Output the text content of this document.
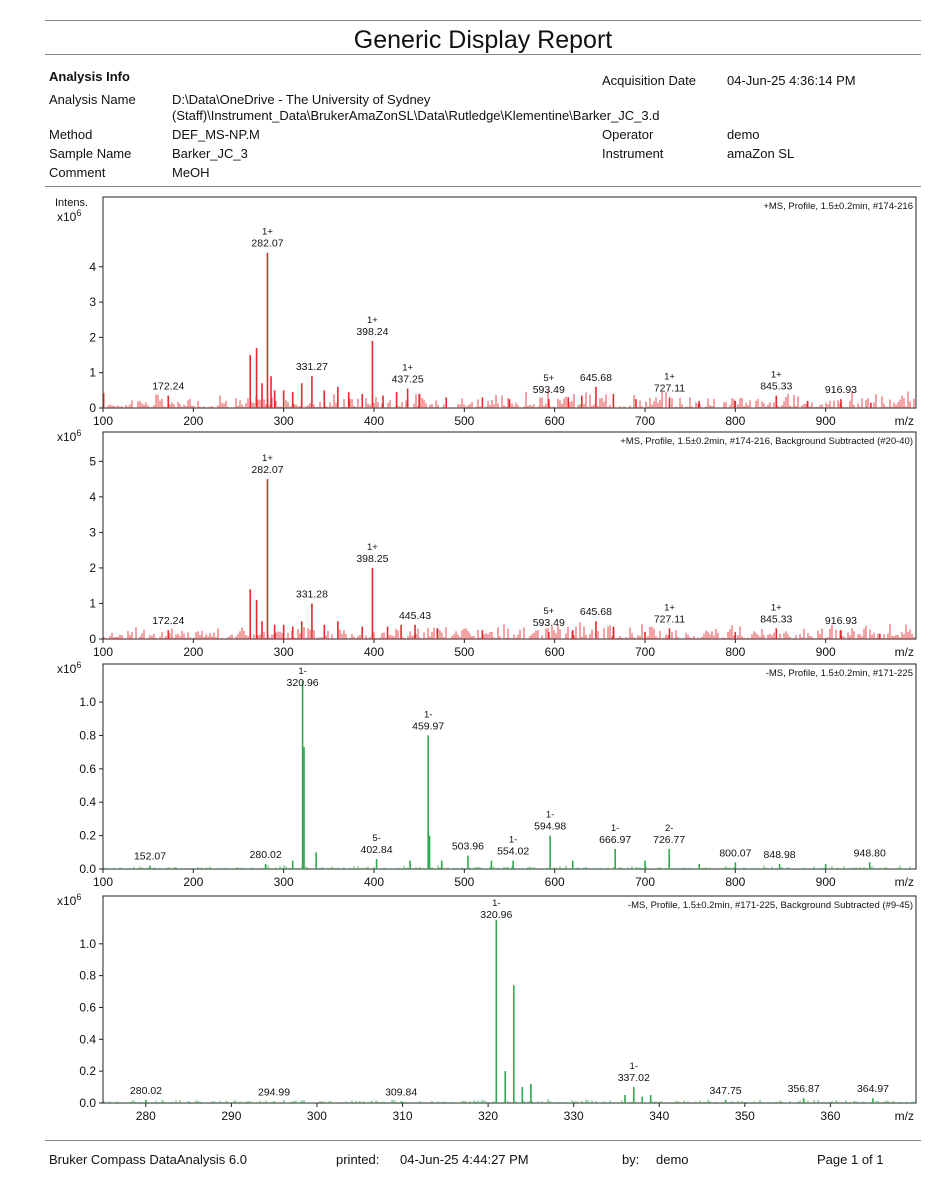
Generic Display Report
Analysis Info
Analysis Name	D:\Data\OneDrive - The University of Sydney
(Staff)\Instrument_Data\BrukerAmaZonSL\Data\Rutledge\Klementine\Barker_JC_3.d
Method	DEF_MS-NP.M
Sample Name	Barker_JC_3
Comment	MeOH
Acquisition Date 04-Jun-25 4:36:14 PM
Operator	demo
Instrument	amaZon SL
100	200	300	400	500	600	700	800	900
0
1
2
3
4
Intens.
$x10^6$
m/z
+MS, Profile, 1.5±0.2min, #174-216
172.24
282.07
1+
331.27
398.24
1+
437.25
1+
593.49
5+ 645.68
727.11
1+
845.33
1+
916.93
100	200	300	400	500	600	700	800	900
0
1
2
3
4
5
$x10^6$
m/z
+MS, Profile, 1.5±0.2min, #174-216, Background Subtracted (#20-40)
172.24
282.07
1+
331.28
398.25
1+
445.43
593.49
5+ 645.68
727.11
1+
845.33
1+
916.93
100	200	300	400	500	600	700	800	900
0.0
0.2
0.4
0.6
0.8
1.0
$x10^6$
m/z
-MS, Profile, 1.5±0.2min, #171-225
152.07	280.02
320.96
1-
402.84
5-
459.97
1-
503.96 554.02
1-
594.98
1-
666.97
1-
726.77
2-
800.07 848.98	948.80
280	290	300	310	320	330	340	350	360
0.0
0.2
0.4
0.6
0.8
1.0
$x10^6$
m/z
-MS, Profile, 1.5±0.2min, #171-225, Background Subtracted (#9-45)
280.02	294.99	309.84
320.96
1-
337.02
1-
347.75	356.87	364.97
Bruker Compass DataAnalysis 6.0	printed: 04-Jun-25 4:44:27 PM	by: demo	Page 1 of 1
